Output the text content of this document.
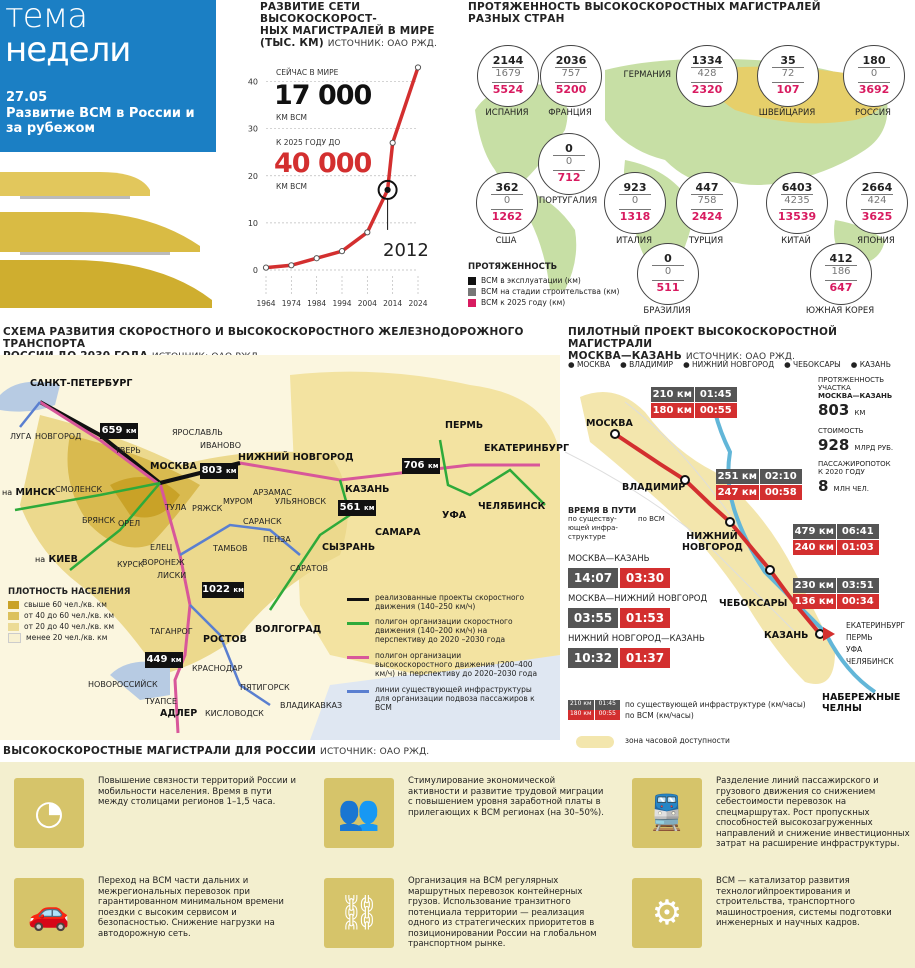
тема
недели
27.05
Развитие ВСМ в России и за рубежом
РАЗВИТИЕ СЕТИ ВЫСОКОСКОРОСТ-
НЫХ МАГИСТРАЛЕЙ В МИРЕ
(ТЫС. КМ) ИСТОЧНИК: ОАО РЖД.
0
10
20
30
40
1964 1974 1984 1994 2004 2014 2024
СЕЙЧАС В МИРЕ
17 000
КМ ВСМ
К 2025 ГОДУ ДО
40 000
КМ ВСМ
2012
ПРОТЯЖЕННОСТЬ ВЫСОКОСКОРОСТНЫХ МАГИСТРАЛЕЙ
РАЗНЫХ СТРАН
2144
1679
5524
ИСПАНИЯ
2036
757
5200
ФРАНЦИЯ
1334
428
2320
ГЕРМАНИЯ
35
72
107
ШВЕЙЦАРИЯ
180
0
3692
РОССИЯ
0
0
712
ПОРТУГАЛИЯ
362
0
1262
США
923
0
1318
ИТАЛИЯ
447
758
2424
ТУРЦИЯ
6403
4235
13539
КИТАЙ
2664
424
3625
ЯПОНИЯ
0
0
511
БРАЗИЛИЯ
412
186
647
ЮЖНАЯ КОРЕЯ
ПРОТЯЖЕННОСТЬ
ВСМ в эксплуатации (км)
ВСМ на стадии строительства (км)
ВСМ к 2025 году (км)
СХЕМА РАЗВИТИЯ СКОРОСТНОГО И ВЫСОКОСКОРОСТНОГО ЖЕЛЕЗНОДОРОЖНОГО ТРАНСПОРТА
САНКТ-ПЕТЕРБУРГ
МОСКВА
НИЖНИЙ НОВГОРОД
КАЗАНЬ
САМАРА
СЫЗРАНЬ
РОСТОВ
ВОЛГОГРАД
АДЛЕР
ПЕРМЬ
ЕКАТЕРИНБУРГ
УФА
ЧЕЛЯБИНСК
на МИНСК
на КИЕВ
ЛУГА НОВГОРОД
ТВЕРЬ
ЯРОСЛАВЛЬ
ИВАНОВО
СМОЛЕНСК
БРЯНСК ОРЕЛ
КУРСК
ТУЛА РЯЖСК
МУРОМ
АРЗАМАС
УЛЬЯНОВСК
САРАНСК
ПЕНЗА
ТАМБОВ
ЕЛЕЦ
ВОРОНЕЖ
ЛИСКИ
САРАТОВ
ТАГАНРОГ
КРАСНОДАР
НОВОРОССИЙСК
ТУАПСЕ
КИСЛОВОДСК
ПЯТИГОРСК
ВЛАДИКАВКАЗ
659 км
803 км	706 км
561 км
1022 км
449 км
ПЛОТНОСТЬ НАСЕЛЕНИЯ
свыше 60 чел./кв. км
от 40 до 60 чел./кв. км
от 20 до 40 чел./кв. км
менее 20 чел./кв. км
реализованные проекты скоростного движения (140–250 км/ч)
полигон организации скоростного движения (140–200 км/ч) на перспективу до 2020 –2030 года
полигон организации высокоскоростного движения (200–400 км/ч) на перспективу до 2020–2030 года
линии существующей инфраструктуры для организации подвоза пассажиров к ВСМ
ПИЛОТНЫЙ ПРОЕКТ ВЫСОКОСКОРОСТНОЙ МАГИСТРАЛИ
МОСКВА—КАЗАНЬ ИСТОЧНИК: ОАО РЖД.
● МОСКВА ● ВЛАДИМИР ● НИЖНИЙ НОВГОРОД ● ЧЕБОКСАРЫ ● КАЗАНЬ
МОСКВА
ВЛАДИМИР
НИЖНИЙ НОВГОРОД
ЧЕБОКСАРЫ
КАЗАНЬ
НАБЕРЕЖНЫЕ ЧЕЛНЫ
ЕКАТЕРИНБУРГ
ПЕРМЬ
УФА
ЧЕЛЯБИНСК
210 км 01:45
180 км 00:55
251 км 02:10
247 км 00:58
479 км 06:41
240 км 01:03
230 км 03:51
136 км 00:34
ПРОТЯЖЕННОСТЬ УЧАСТКА
МОСКВА—КАЗАНЬ
803 КМ
СТОИМОСТЬ
928 МЛРД РУБ.
ПАССАЖИРОПОТОК
К 2020 ГОДУ
8 МЛН ЧЕЛ.
ВРЕМЯ В ПУТИ
по существу- ющей инфра- структуре
по ВСМ
МОСКВА—КАЗАНЬ
14:07	03:30
МОСКВА—НИЖНИЙ НОВГОРОД
03:55	01:53
НИЖНИЙ НОВГОРОД—КАЗАНЬ
10:32	01:37
210 км	01:45
180 км	00:55
по существующей инфраструктуре (км/часы)
по ВСМ (км/часы)
зона часовой доступности
ВЫСОКОСКОРОСТНЫЕ МАГИСТРАЛИ ДЛЯ РОССИИ ИСТОЧНИК: ОАО РЖД.
◔
Повышение связности территорий России и мобильности населения. Время в пути между столицами регионов 1–1,5 часа.	👥
Стимулирование экономической активности и развитие трудовой миграции с повышением уровня заработной платы в прилегающих к ВСМ регионах (на 30–50%).	🚆
Разделение линий пассажирского и грузового движения со снижением себестоимости перевозок на спецмаршрутах. Рост пропускных способностей высокозагруженных направлений и снижение инвестиционных затрат на расширение инфраструктуры.
🚗
Переход на ВСМ части дальних и межрегиональных перевозок при гарантированном минимальном времени поездки с высоким сервисом и безопасностью. Снижение нагрузки на автодорожную сеть.
⛓
Организация на ВСМ регулярных маршрутных перевозок контейнерных грузов. Использование транзитного потенциала территории — реализация одного из стратегических приоритетов в позиционировании России на глобальном транспортном рынке.
⚙
ВСМ — катализатор развития технологийпроектирования и строительства, транспортного машиностроения, системы подготовки инженерных и научных кадров.
